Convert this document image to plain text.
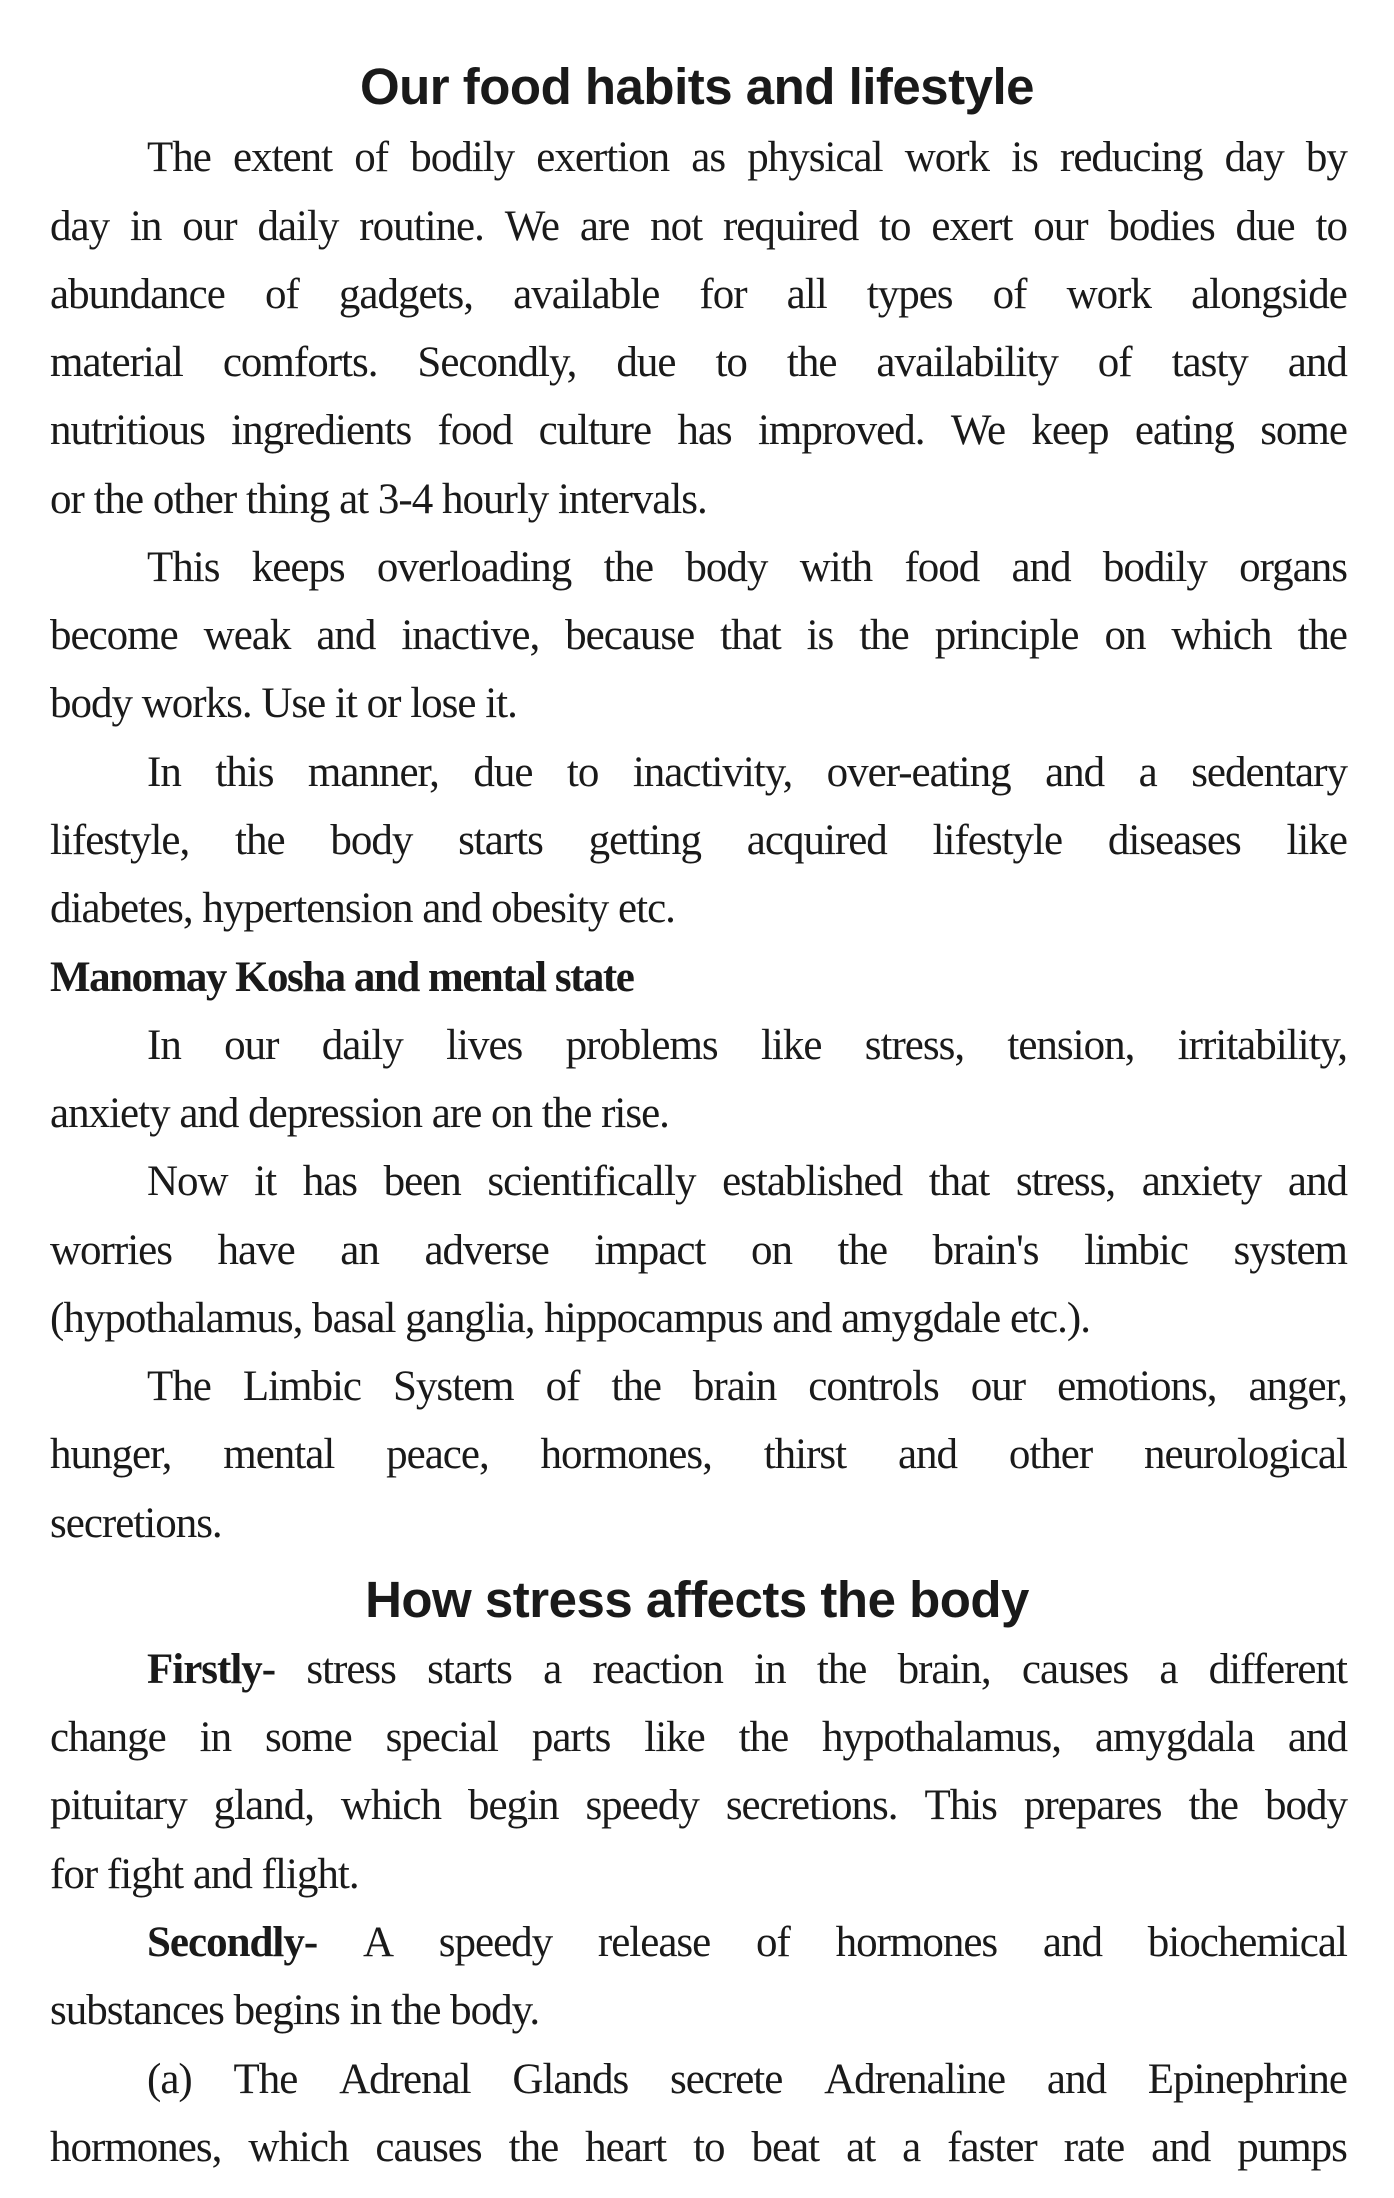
Our food habits and lifestyle
The extent of bodily exertion as physical work is reducing day by
day in our daily routine. We are not required to exert our bodies due to
abundance of gadgets, available for all types of work alongside
material comforts. Secondly, due to the availability of tasty and
nutritious ingredients food culture has improved. We keep eating some
or the other thing at 3-4 hourly intervals.
This keeps overloading the body with food and bodily organs
become weak and inactive, because that is the principle on which the
body works. Use it or lose it.
In this manner, due to inactivity, over-eating and a sedentary
lifestyle, the body starts getting acquired lifestyle diseases like
diabetes, hypertension and obesity etc.
Manomay Kosha and mental state
In our daily lives problems like stress, tension, irritability,
anxiety and depression are on the rise.
Now it has been scientifically established that stress, anxiety and
worries have an adverse impact on the brain's limbic system
(hypothalamus, basal ganglia, hippocampus and amygdale etc.).
The Limbic System of the brain controls our emotions, anger,
hunger, mental peace, hormones, thirst and other neurological
secretions.
How stress affects the body
Firstly- stress starts a reaction in the brain, causes a different
change in some special parts like the hypothalamus, amygdala and
pituitary gland, which begin speedy secretions. This prepares the body
for fight and flight.
Secondly- A speedy release of hormones and biochemical
substances begins in the body.
(a) The Adrenal Glands secrete Adrenaline and Epinephrine
hormones, which causes the heart to beat at a faster rate and pumps
